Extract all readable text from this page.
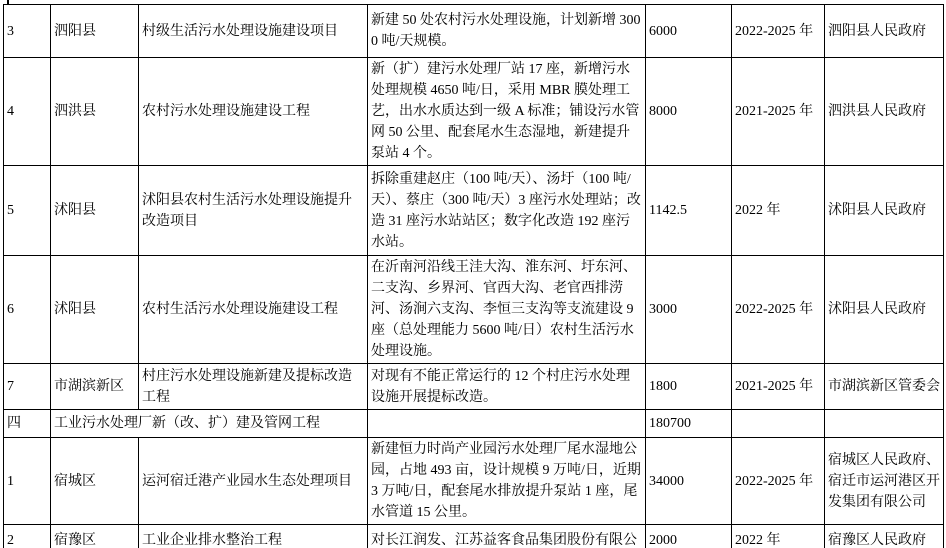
3	泗阳县	村级生活污水处理设施建设项目	新建 50 处农村污水处理设施，计划新增 3000 吨/天规模。	6000	2022-2025 年	泗阳县人民政府
4	泗洪县	农村污水处理设施建设工程	新（扩）建污水处理厂站 17 座，新增污水处理规模 4650 吨/日，采用 MBR 膜处理工艺，出水水质达到一级 A 标准；铺设污水管网 50 公里、配套尾水生态湿地，新建提升泵站 4 个。	8000	2021-2025 年	泗洪县人民政府
5	沭阳县	沭阳县农村生活污水处理设施提升改造项目	拆除重建赵庄（100 吨/天）、汤圩（100 吨/天）、蔡庄（300 吨/天）3 座污水处理站；改造 31 座污水站站区；数字化改造 192 座污水站。	1142.5	2022 年	沭阳县人民政府
6	沭阳县	农村生活污水处理设施建设工程	在沂南河沿线王洼大沟、淮东河、圩东河、二支沟、乡界河、官西大沟、老官西排涝河、汤涧六支沟、李恒三支沟等支流建设 9 座（总处理能力 5600 吨/日）农村生活污水处理设施。	3000	2022-2025 年	沭阳县人民政府
7	市湖滨新区	村庄污水处理设施新建及提标改造工程	对现有不能正常运行的 12 个村庄污水处理设施开展提标改造。	1800	2021-2025 年	市湖滨新区管委会
四	工业污水处理厂新（改、扩）建及管网工程			180700		
1	宿城区	运河宿迁港产业园水生态处理项目	新建恒力时尚产业园污水处理厂尾水湿地公园，占地 493 亩，设计规模 9 万吨/日，近期 3 万吨/日，配套尾水排放提升泵站 1 座，尾水管道 15 公里。	34000	2022-2025 年	宿城区人民政府、宿迁市运河港区开发集团有限公司
2	宿豫区	工业企业排水整治工程	对长江润发、江苏益客食品集团股份有限公	2000	2022 年	宿豫区人民政府
